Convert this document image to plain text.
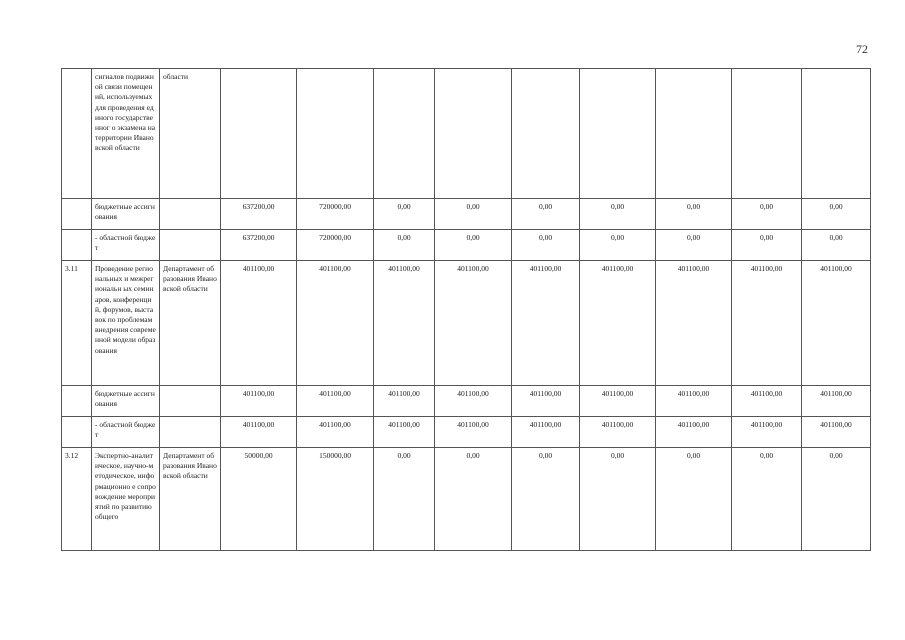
72
	сигналов подвижной связи помещений, используемых для проведения единого государственног о экзамена на территории Ивановской области	области									
	бюджетные ассигнования		637200,00	720000,00	0,00	0,00	0,00	0,00	0,00	0,00	0,00
	- областной бюджет		637200,00	720000,00	0,00	0,00	0,00	0,00	0,00	0,00	0,00
3.11	Проведение региональных и межрегиональн ых семинаров, конференций, форумов, выставок по проблемам внедрения современной модели образования	Департамент образования Ивановской области	401100,00	401100,00	401100,00	401100,00	401100,00	401100,00	401100,00	401100,00	401100,00
	бюджетные ассигнования		401100,00	401100,00	401100,00	401100,00	401100,00	401100,00	401100,00	401100,00	401100,00
	- областной бюджет		401100,00	401100,00	401100,00	401100,00	401100,00	401100,00	401100,00	401100,00	401100,00
3.12	Экспертно-аналитическое, научно-методическое, информационно е сопровождение мероприятий по развитию общего	Департамент образования Ивановской области	50000,00	150000,00	0,00	0,00	0,00	0,00	0,00	0,00	0,00
